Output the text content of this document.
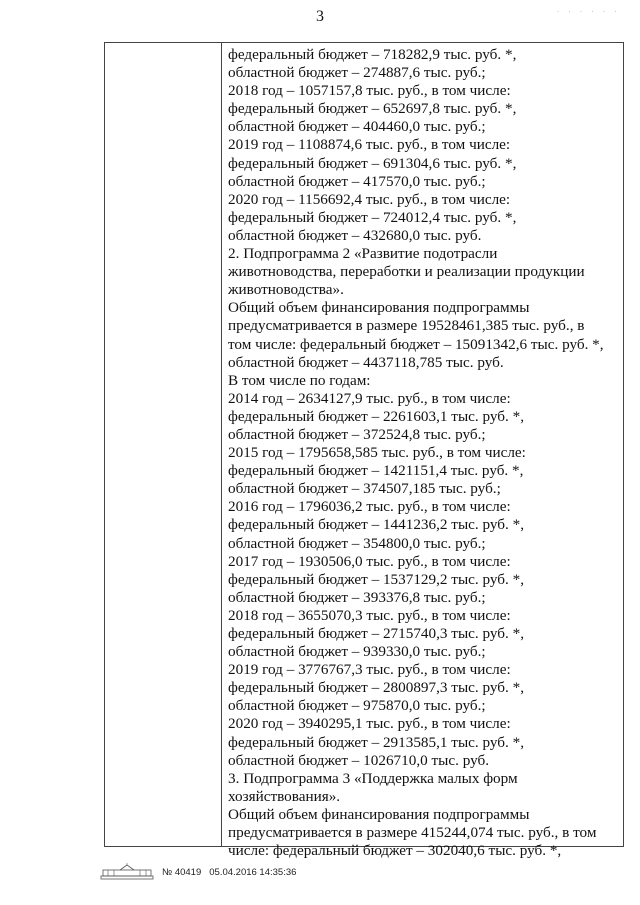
· · · · · ·
3
федеральный бюджет – 718282,9 тыс. руб. *,
областной бюджет – 274887,6 тыс. руб.;
2018 год – 1057157,8 тыс. руб., в том числе:
федеральный бюджет – 652697,8 тыс. руб. *,
областной бюджет – 404460,0 тыс. руб.;
2019 год – 1108874,6 тыс. руб., в том числе:
федеральный бюджет – 691304,6 тыс. руб. *,
областной бюджет – 417570,0 тыс. руб.;
2020 год – 1156692,4 тыс. руб., в том числе:
федеральный бюджет – 724012,4 тыс. руб. *,
областной бюджет – 432680,0 тыс. руб.
2. Подпрограмма 2 «Развитие подотрасли
животноводства, переработки и реализации продукции
животноводства».
Общий объем финансирования подпрограммы
предусматривается в размере 19528461,385 тыс. руб., в
том числе: федеральный бюджет – 15091342,6 тыс. руб. *,
областной бюджет – 4437118,785 тыс. руб.
В том числе по годам:
2014 год – 2634127,9 тыс. руб., в том числе:
федеральный бюджет – 2261603,1 тыс. руб. *,
областной бюджет – 372524,8 тыс. руб.;
2015 год – 1795658,585 тыс. руб., в том числе:
федеральный бюджет – 1421151,4 тыс. руб. *,
областной бюджет – 374507,185 тыс. руб.;
2016 год – 1796036,2 тыс. руб., в том числе:
федеральный бюджет – 1441236,2 тыс. руб. *,
областной бюджет – 354800,0 тыс. руб.;
2017 год – 1930506,0 тыс. руб., в том числе:
федеральный бюджет – 1537129,2 тыс. руб. *,
областной бюджет – 393376,8 тыс. руб.;
2018 год – 3655070,3 тыс. руб., в том числе:
федеральный бюджет – 2715740,3 тыс. руб. *,
областной бюджет – 939330,0 тыс. руб.;
2019 год – 3776767,3 тыс. руб., в том числе:
федеральный бюджет – 2800897,3 тыс. руб. *,
областной бюджет – 975870,0 тыс. руб.;
2020 год – 3940295,1 тыс. руб., в том числе:
федеральный бюджет – 2913585,1 тыс. руб. *,
областной бюджет – 1026710,0 тыс. руб.
3. Подпрограмма 3 «Поддержка малых форм
хозяйствования».
Общий объем финансирования подпрограммы
предусматривается в размере 415244,074 тыс. руб., в том
числе: федеральный бюджет – 302040,6 тыс. руб. *,
№ 40419 05.04.2016 14:35:36
